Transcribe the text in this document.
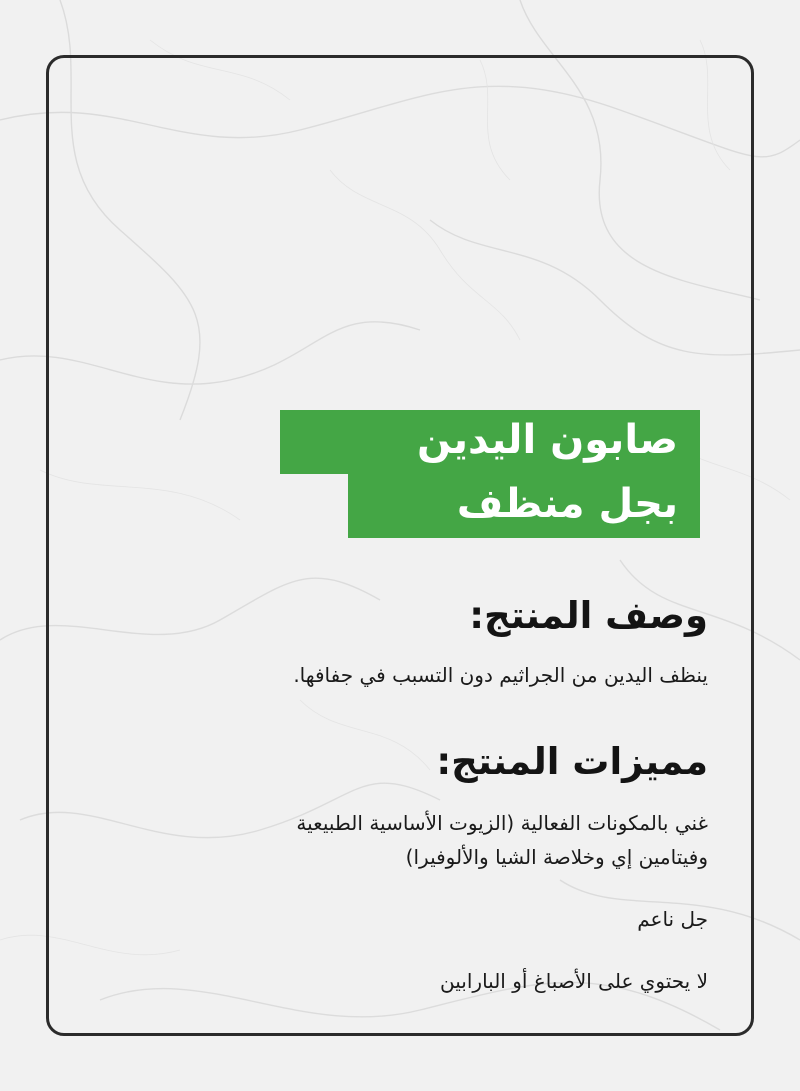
صابون اليدين
بجل منظف
وصف المنتج:
ينظف اليدين من الجراثيم دون التسبب في جفافها.
مميزات المنتج:
غني بالمكونات الفعالية (الزيوت الأساسية الطبيعية
وفيتامين إي وخلاصة الشيا والألوفيرا)
جل ناعم
لا يحتوي على الأصباغ أو البارابين
